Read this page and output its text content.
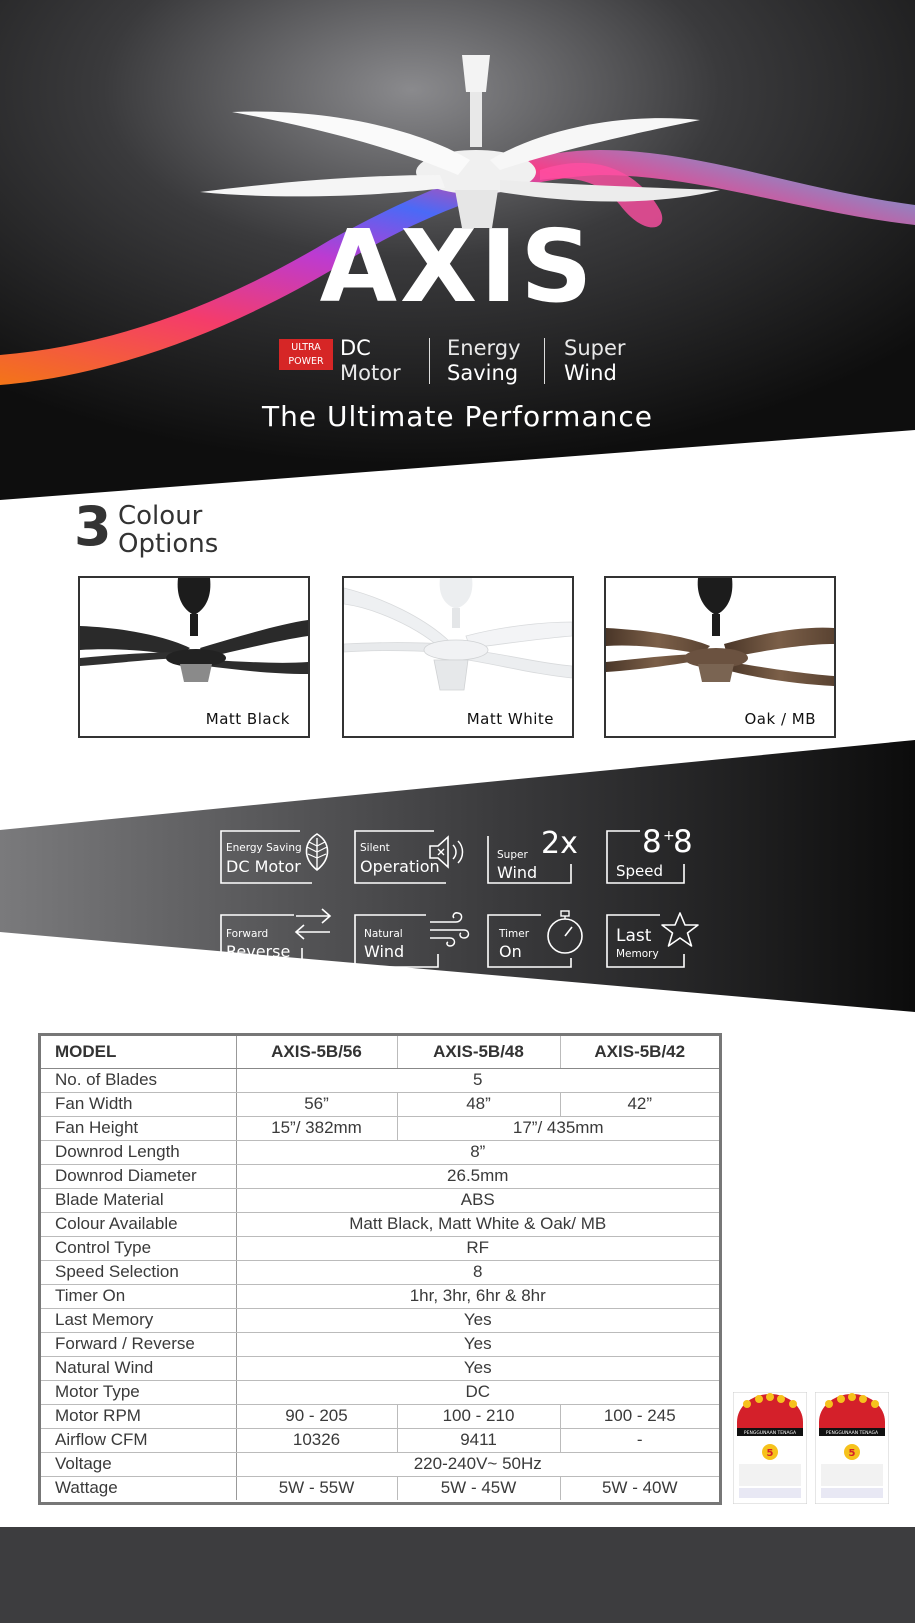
AXIS
ULTRA
POWER
DC
Motor
Energy
Saving
Super
Wind
The Ultimate Performance
3 Colour
Options
Matt Black	Matt White	Oak / MB
Energy Saving
DC Motor
Silent
Operation
Super
Wind
2x 8 +
8
Speed
Forward
Reverse
Natural
Wind
Timer
On
Last
Memory
MODEL	AXIS-5B/56	AXIS-5B/48	AXIS-5B/42
No. of Blades	5		
Fan Width	56”	48”	42”
Fan Height	15”/ 382mm	17”/ 435mm	
Downrod Length	8”		
Downrod Diameter	26.5mm		
Blade Material	ABS		
Colour Available	Matt Black, Matt White & Oak/ MB		
Control Type	RF		
Speed Selection	8		
Timer On	1hr, 3hr, 6hr & 8hr		
Last Memory	Yes		
Forward / Reverse	Yes		
Natural Wind	Yes		
Motor Type	DC		
Motor RPM	90 - 205	100 - 210	100 - 245
Airflow CFM	10326	9411	-
Voltage	220-240V~ 50Hz		
Wattage	5W - 55W	5W - 45W	5W - 40W
PENGGUNAAN TENAGA
5
PENGGUNAAN TENAGA
5
